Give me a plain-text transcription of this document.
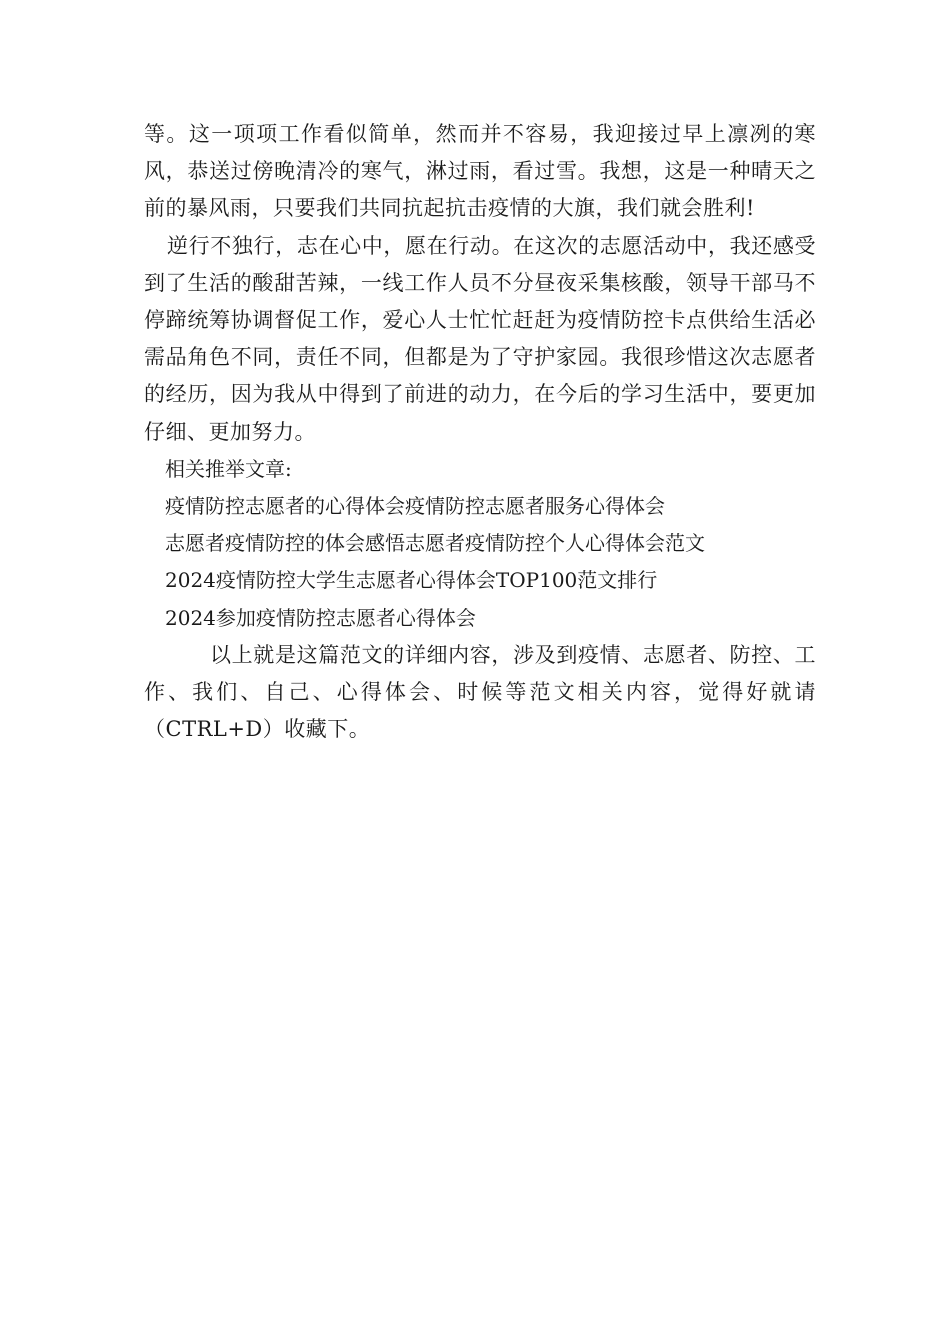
等。这一项项工作看似简单，然而并不容易，我迎接过早上凛冽的寒风，恭送过傍晚清冷的寒气，淋过雨，看过雪。我想，这是一种晴天之前的暴风雨，只要我们共同抗起抗击疫情的大旗，我们就会胜利!

逆行不独行，志在心中，愿在行动。在这次的志愿活动中，我还感受到了生活的酸甜苦辣，一线工作人员不分昼夜采集核酸，领导干部马不停蹄统筹协调督促工作，爱心人士忙忙赶赶为疫情防控卡点供给生活必需品角色不同，责任不同，但都是为了守护家园。我很珍惜这次志愿者的经历，因为我从中得到了前进的动力，在今后的学习生活中，要更加仔细、更加努力。

相关推举文章:

疫情防控志愿者的心得体会疫情防控志愿者服务心得体会
志愿者疫情防控的体会感悟志愿者疫情防控个人心得体会范文
2024疫情防控大学生志愿者心得体会TOP100范文排行
2024参加疫情防控志愿者心得体会

以上就是这篇范文的详细内容，涉及到疫情、志愿者、防控、工作、我们、自己、心得体会、时候等范文相关内容，觉得好就请（CTRL+D）收藏下。
